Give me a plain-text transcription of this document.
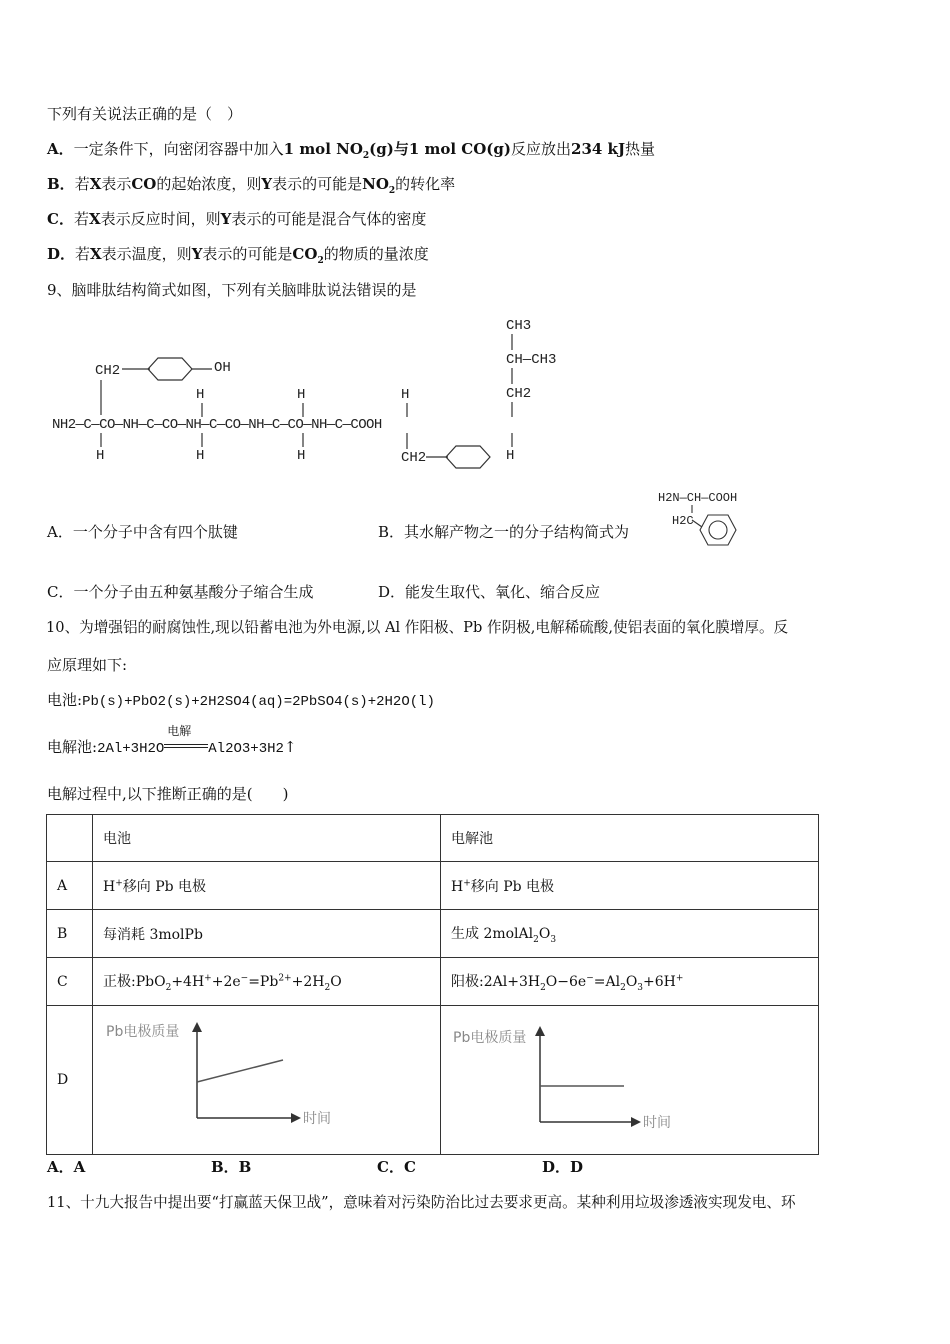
下列有关说法正确的是（　）
A．一定条件下，向密闭容器中加入1 mol $NO_2(g)$与1 mol CO(g)反应放出234 kJ热量
B．若X表示CO的起始浓度，则Y表示的可能是$NO_2$的转化率
C．若X表示反应时间，则Y表示的可能是混合气体的密度
D．若X表示温度，则Y表示的可能是$CO_2$的物质的量浓度
9、脑啡肽结构简式如图，下列有关脑啡肽说法错误的是
CH3
CH—CH3
CH2
CH2	OH
H	H	H
NH2—C—CO—NH—C—CO—NH—C—CO—NH—C—CO—NH—C—COOH
H	H	H	CH2	H
A．一个分子中含有四个肽键	B．其水解产物之一的分子结构简式为
H2N—CH—COOH
H2C
C．一个分子由五种氨基酸分子缩合生成	D．能发生取代、氧化、缩合反应
10、为增强铝的耐腐蚀性,现以铅蓄电池为外电源,以 Al 作阳极、Pb 作阴极,电解稀硫酸,使铝表面的氧化膜增厚。反
应原理如下:
电池:Pb(s)+PbO2(s)+2H2SO4(aq)=2PbSO4(s)+2H2O(l)
电解池:2Al+3H2O
电解
Al2O3+3H2↑
电解过程中,以下推断正确的是(　　)
	电池	电解池
A	H+移向 Pb 电极	H+移向 Pb 电极
B	每消耗 3molPb	生成 $2molAl_2O_3$
C	正极$:PbO_2+4H^++2e^-=Pb^{2+}+2H_2O$	阳极$:2Al+3H_2O-6e^-=Al_2O_3+6H^+$
D	Pb电极质量
时间	Pb电极质量
时间
A．A	B．B	C．C	D．D
11、十九大报告中提出要“打赢蓝天保卫战”，意味着对污染防治比过去要求更高。某种利用垃圾渗透液实现发电、环
